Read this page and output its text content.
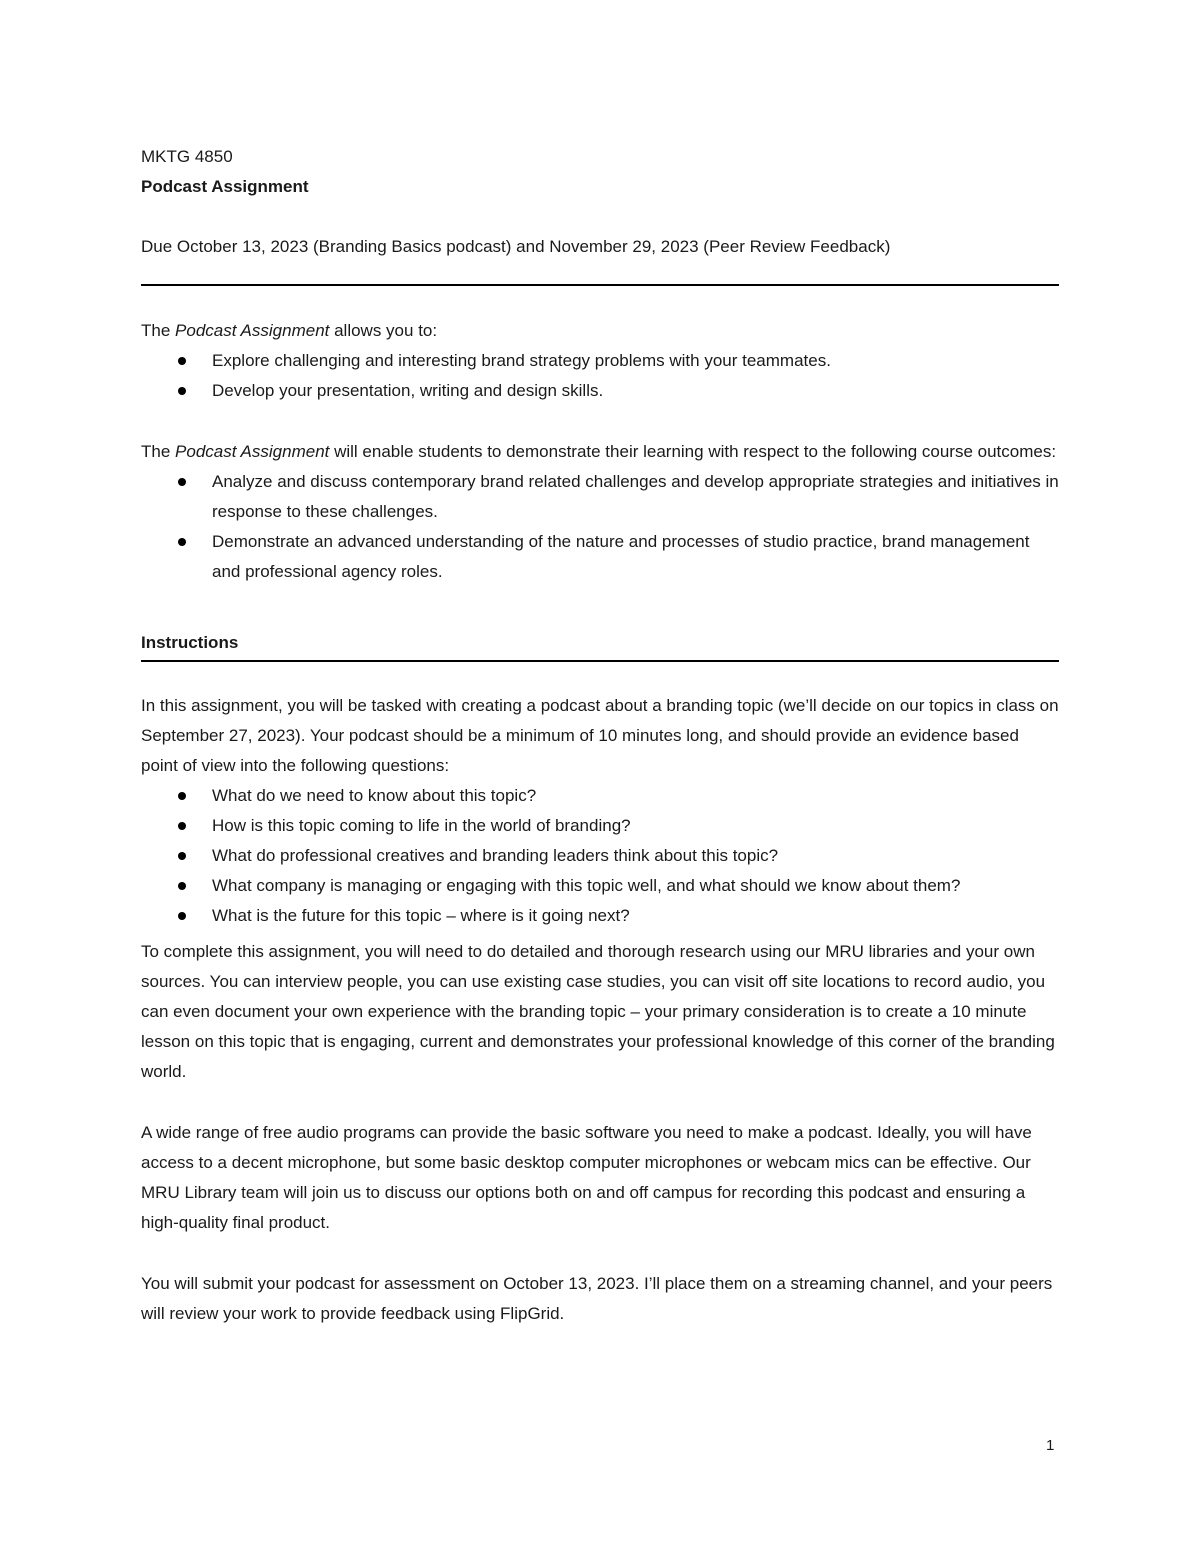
MKTG 4850

Podcast Assignment

Due October 13, 2023 (Branding Basics podcast) and November 29, 2023 (Peer Review Feedback)

The Podcast Assignment allows you to:

Explore challenging and interesting brand strategy problems with your teammates.
Develop your presentation, writing and design skills.

The Podcast Assignment will enable students to demonstrate their learning with respect to the following course outcomes:

Analyze and discuss contemporary brand related challenges and develop appropriate strategies and initiatives in response to these challenges.
Demonstrate an advanced understanding of the nature and processes of studio practice, brand management and professional agency roles.

Instructions

In this assignment, you will be tasked with creating a podcast about a branding topic (we’ll decide on our topics in class on September 27, 2023). Your podcast should be a minimum of 10 minutes long, and should provide an evidence based point of view into the following questions:

What do we need to know about this topic?
How is this topic coming to life in the world of branding?
What do professional creatives and branding leaders think about this topic?
What company is managing or engaging with this topic well, and what should we know about them?
What is the future for this topic – where is it going next?

To complete this assignment, you will need to do detailed and thorough research using our MRU libraries and your own sources. You can interview people, you can use existing case studies, you can visit off site locations to record audio, you can even document your own experience with the branding topic – your primary consideration is to create a 10 minute lesson on this topic that is engaging, current and demonstrates your professional knowledge of this corner of the branding world.

A wide range of free audio programs can provide the basic software you need to make a podcast. Ideally, you will have access to a decent microphone, but some basic desktop computer microphones or webcam mics can be effective. Our MRU Library team will join us to discuss our options both on and off campus for recording this podcast and ensuring a high-quality final product.

You will submit your podcast for assessment on October 13, 2023. I’ll place them on a streaming channel, and your peers will review your work to provide feedback using FlipGrid.

1
